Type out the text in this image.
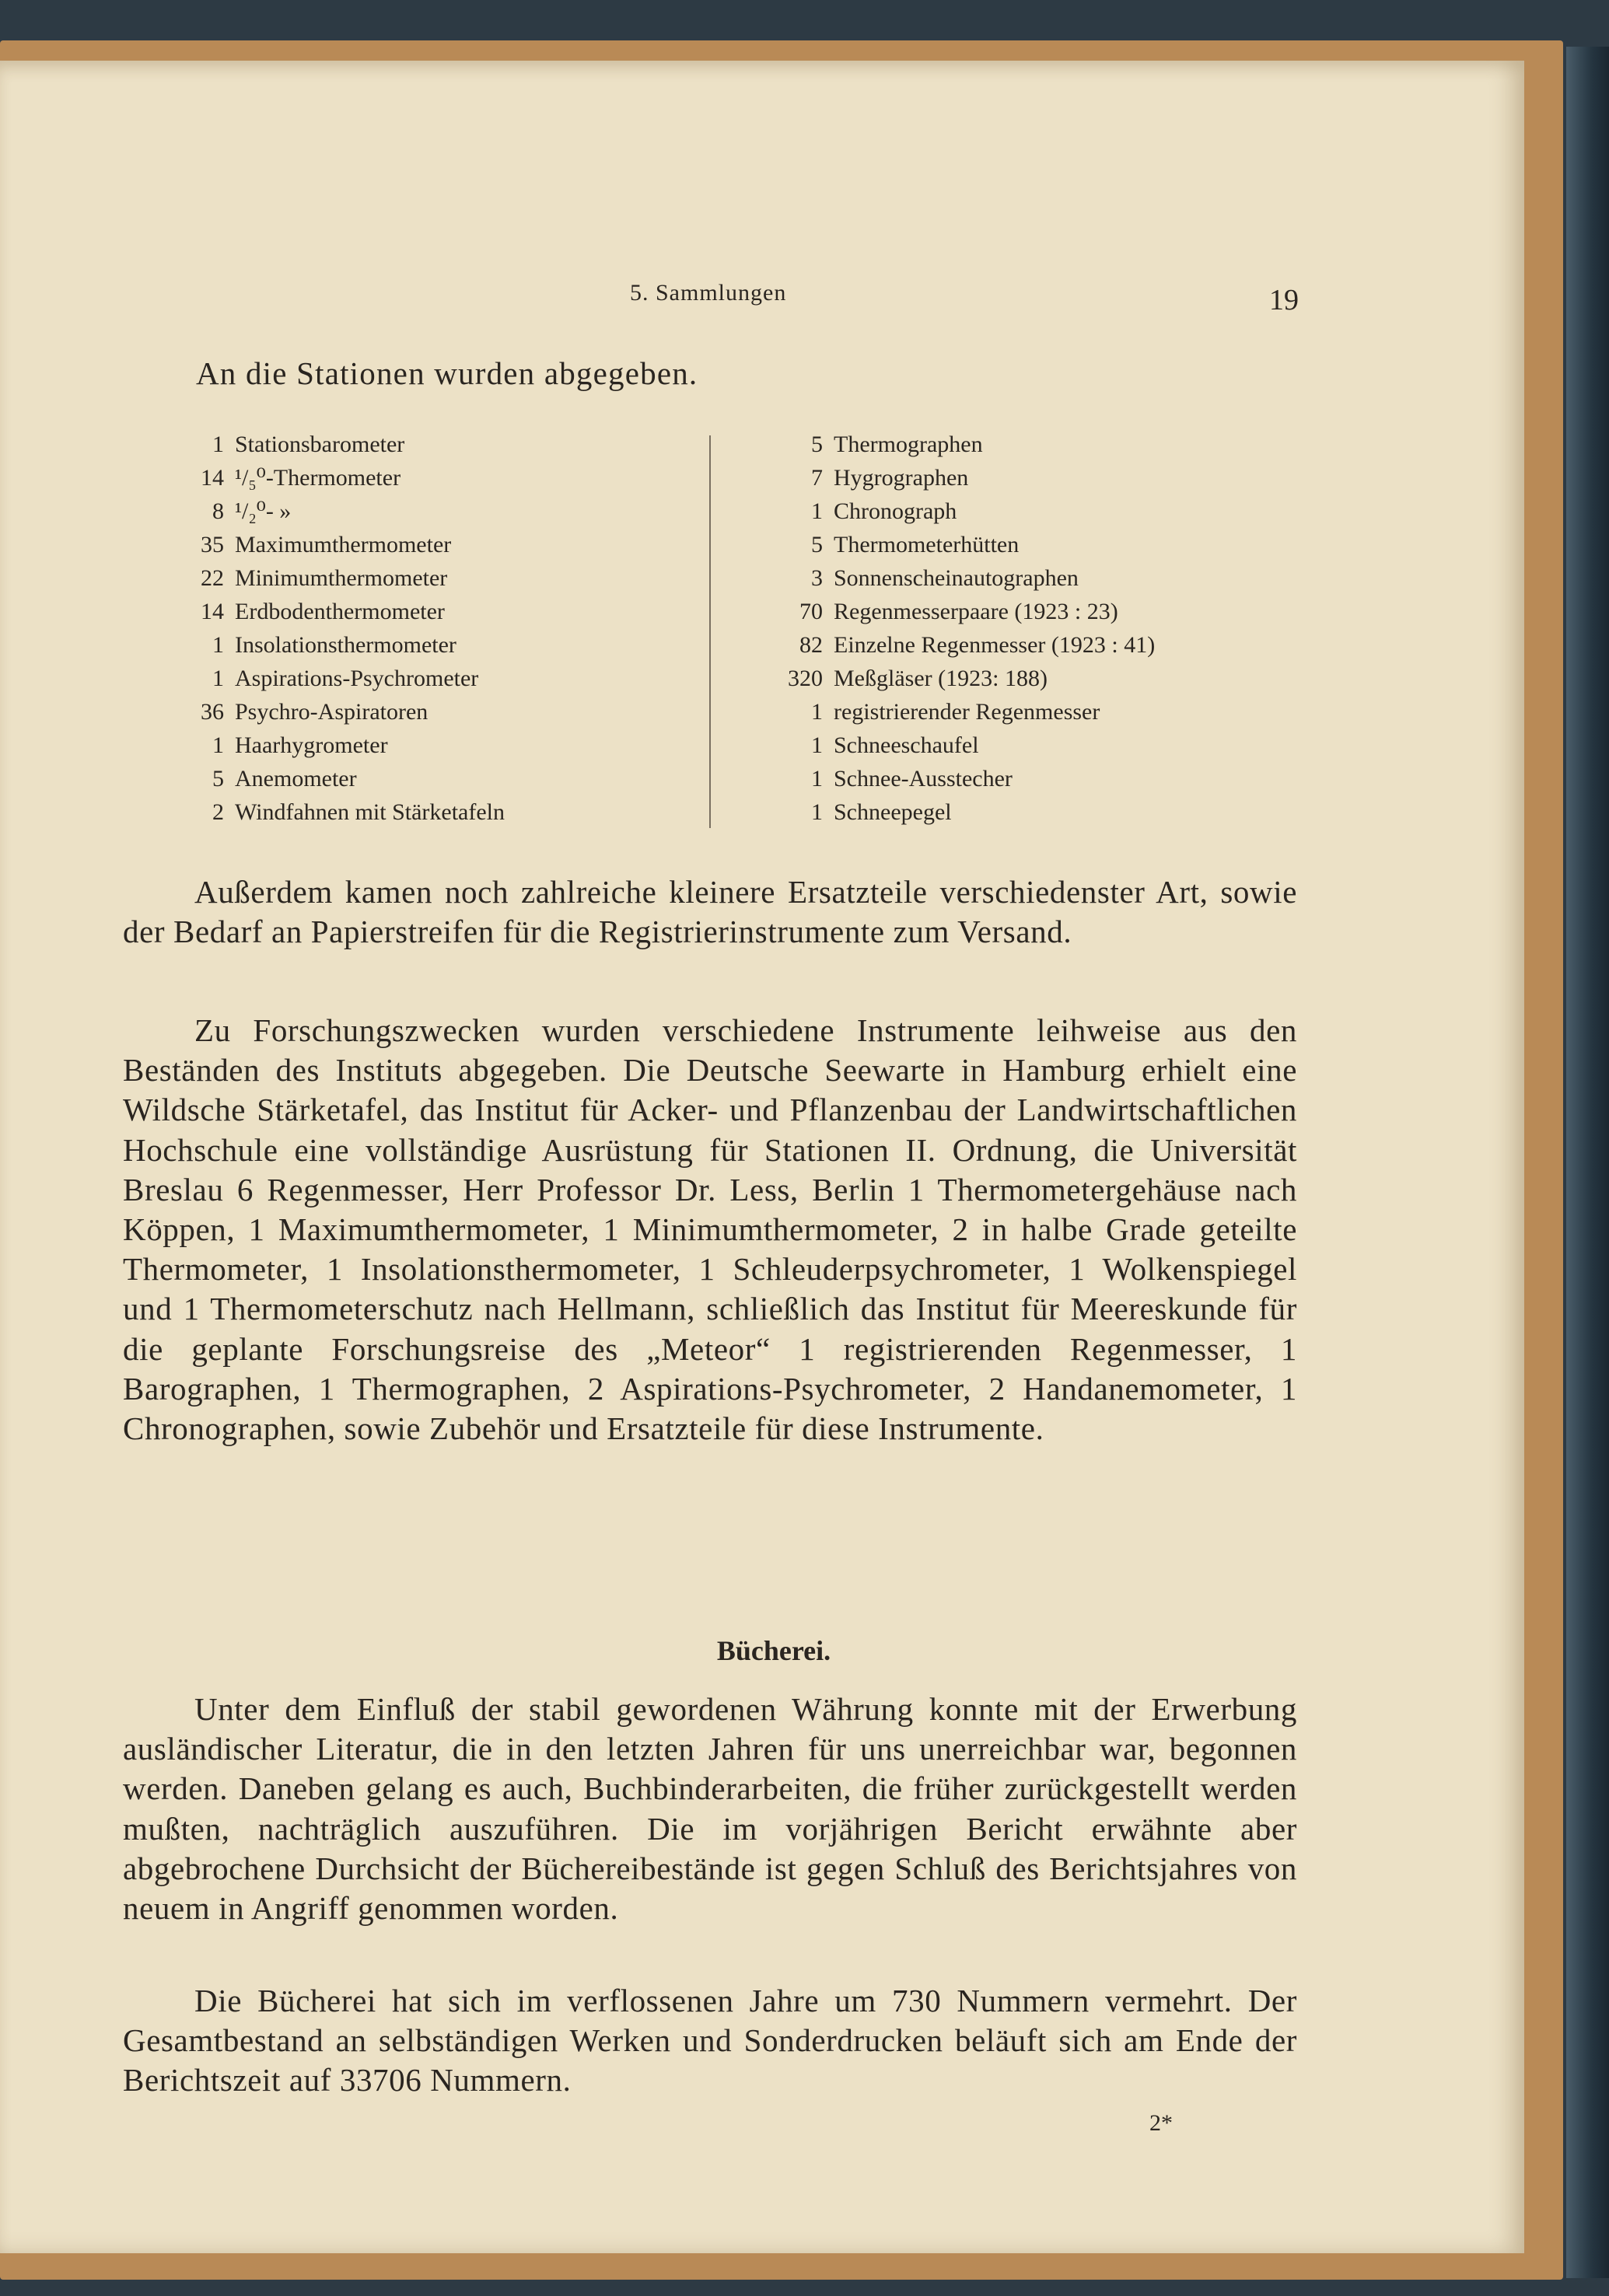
5. Sammlungen	19
An die Stationen wurden abgegeben.
1 Stationsbarometer
14 ¹/₅⁰-Thermometer
8 ¹/₂⁰- »
35 Maximumthermometer
22 Minimumthermometer
14 Erdbodenthermometer
1 Insolationsthermometer
1 Aspirations-Psychrometer
36 Psychro-Aspiratoren
1 Haarhygrometer
5 Anemometer
2 Windfahnen mit Stärketafeln
5 Thermographen
7 Hygrographen
1 Chronograph
5 Thermometerhütten
3 Sonnenscheinautographen
70 Regenmesserpaare (1923 : 23)
82 Einzelne Regenmesser (1923 : 41)
320 Meßgläser (1923: 188)
1 registrierender Regenmesser
1 Schneeschaufel
1 Schnee-Ausstecher
1 Schneepegel

Außerdem kamen noch zahlreiche kleinere Ersatzteile verschiedenster Art, sowie der Bedarf an Papierstreifen für die Registrierinstrumente zum Versand.

Zu Forschungszwecken wurden verschiedene Instrumente leihweise aus den Beständen des Instituts abgegeben. Die Deutsche Seewarte in Hamburg erhielt eine Wildsche Stärketafel, das Institut für Acker- und Pflanzenbau der Landwirtschaftlichen Hochschule eine vollständige Ausrüstung für Stationen II. Ordnung, die Universität Breslau 6 Regenmesser, Herr Professor Dr. Less, Berlin 1 Thermometergehäuse nach Köppen, 1 Maximumthermometer, 1 Minimumthermometer, 2 in halbe Grade geteilte Thermometer, 1 Insolationsthermometer, 1 Schleuderpsychrometer, 1 Wolkenspiegel und 1 Thermometerschutz nach Hellmann, schließlich das Institut für Meereskunde für die geplante Forschungsreise des „Meteor“ 1 registrierenden Regenmesser, 1 Barographen, 1 Thermographen, 2 Aspirations-Psychrometer, 2 Handanemometer, 1 Chronographen, sowie Zubehör und Ersatzteile für diese Instrumente.

Bücherei.

Unter dem Einfluß der stabil gewordenen Währung konnte mit der Erwerbung ausländischer Literatur, die in den letzten Jahren für uns unerreichbar war, begonnen werden. Daneben gelang es auch, Buchbinderarbeiten, die früher zurückgestellt werden mußten, nachträglich auszuführen. Die im vorjährigen Bericht erwähnte aber abgebrochene Durchsicht der Büchereibestände ist gegen Schluß des Berichtsjahres von neuem in Angriff genommen worden.

Die Bücherei hat sich im verflossenen Jahre um 730 Nummern vermehrt. Der Gesamtbestand an selbständigen Werken und Sonderdrucken beläuft sich am Ende der Berichtszeit auf 33706 Nummern.

2*
